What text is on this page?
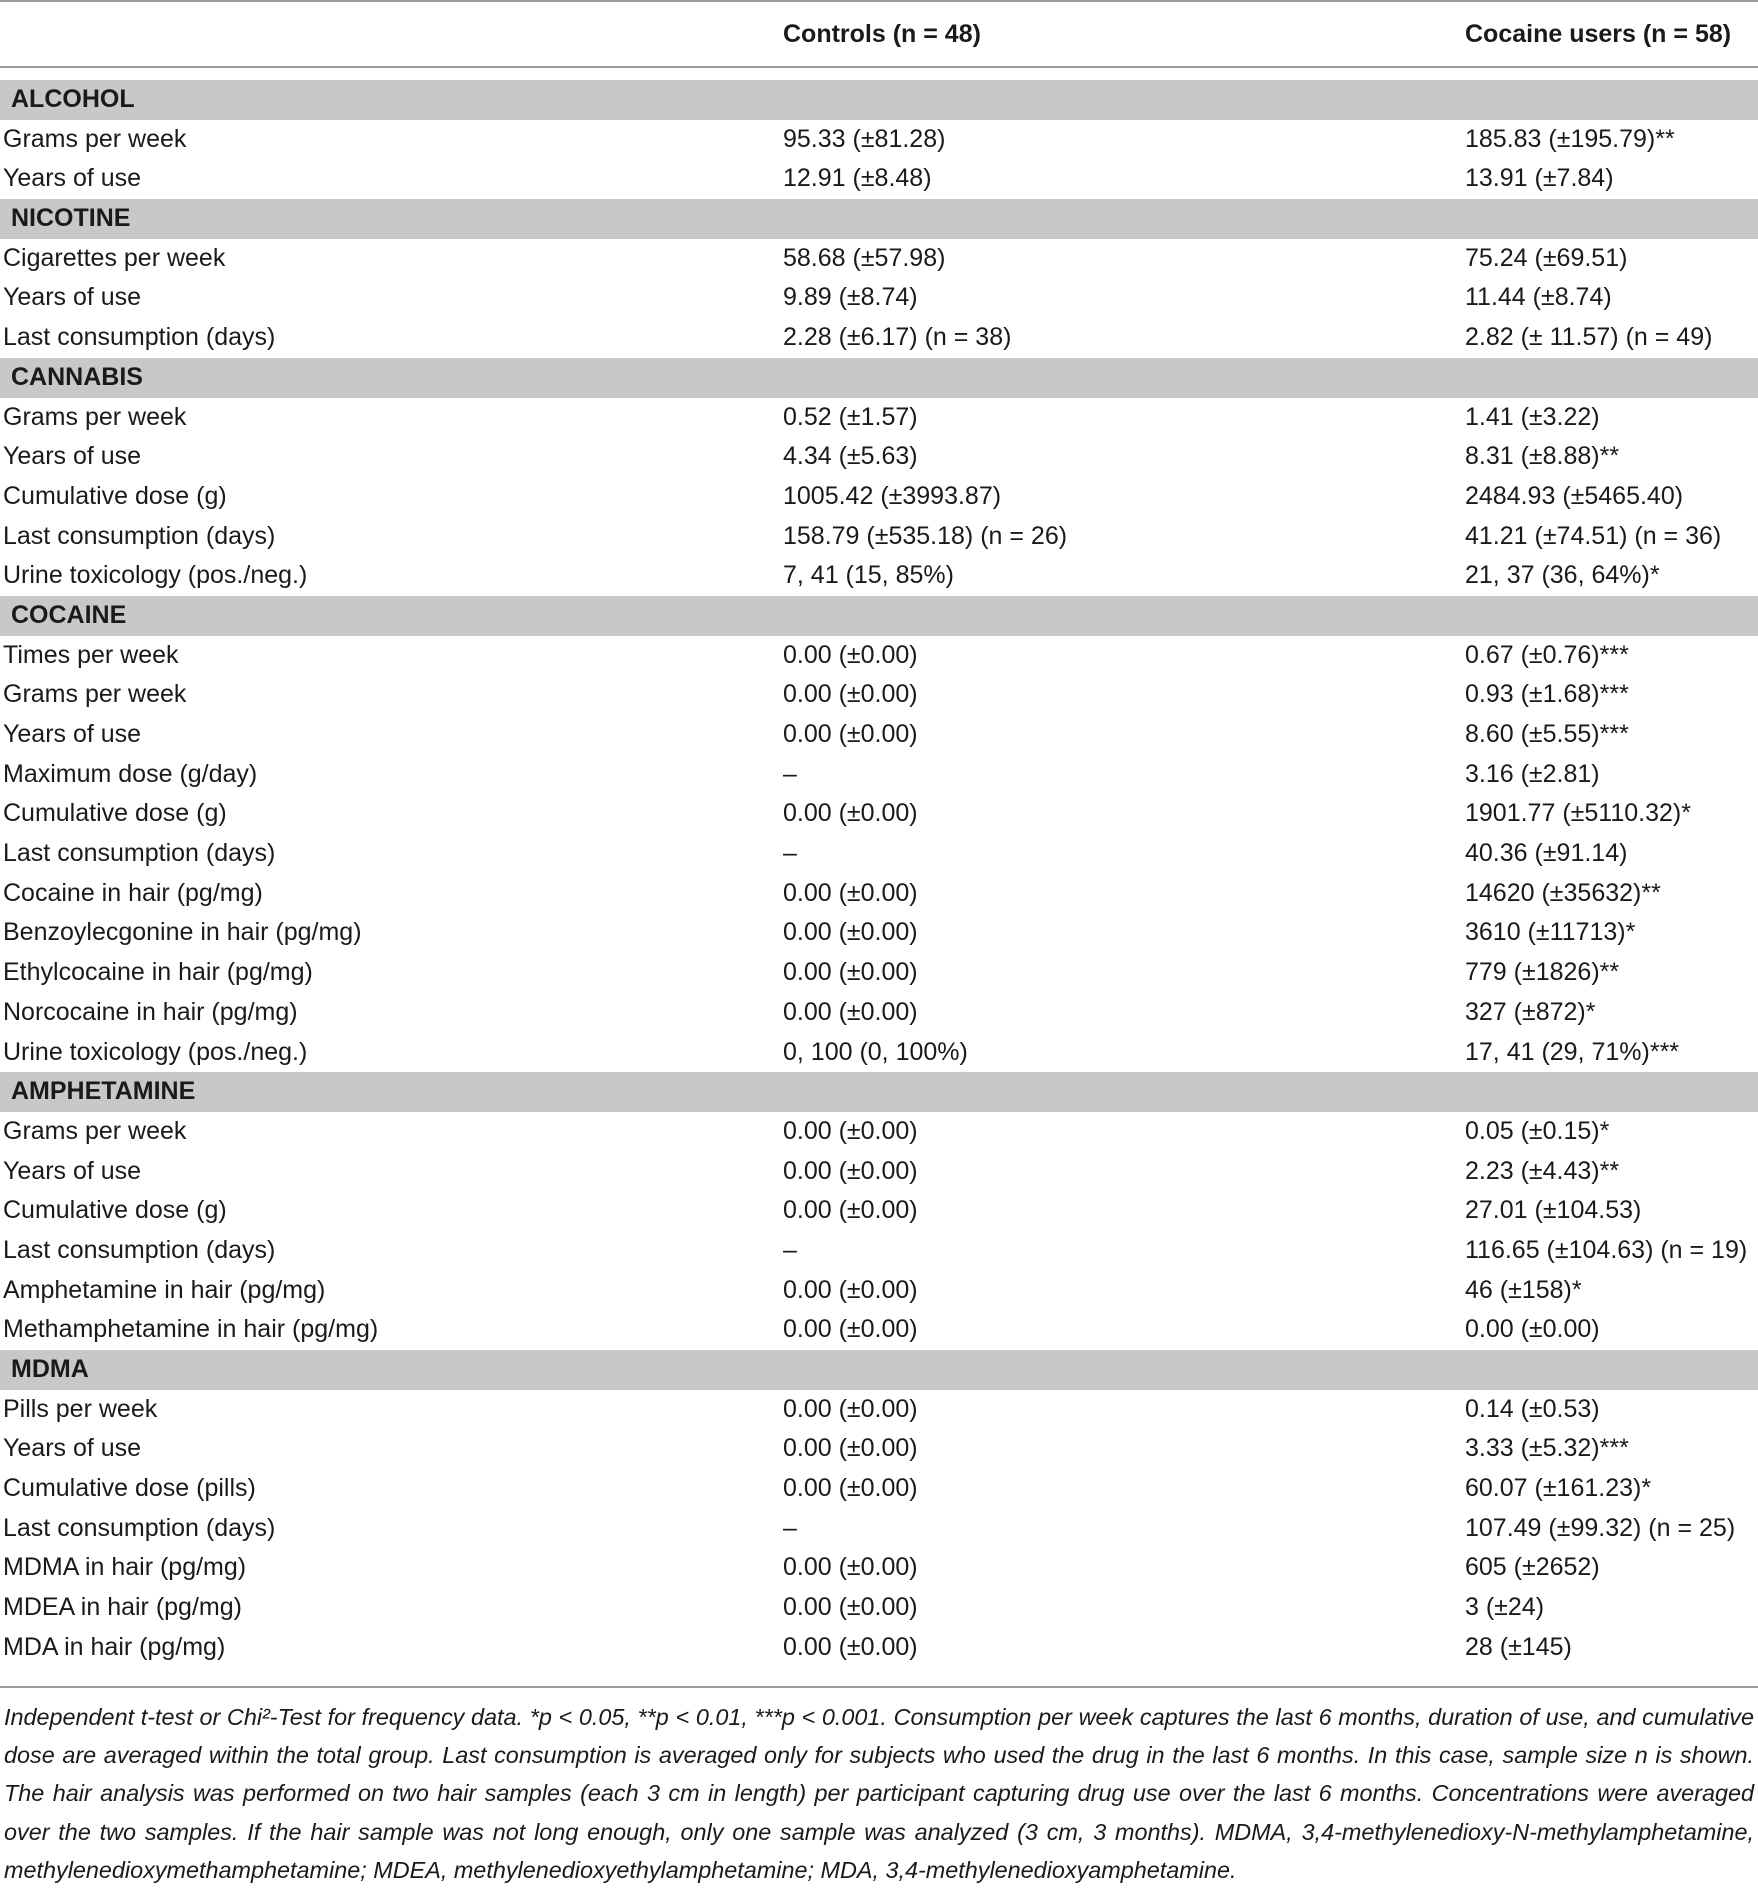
Controls (n = 48)	Cocaine users (n = 58)
ALCOHOL
Grams per week	95.33 (±81.28)	185.83 (±195.79)**
Years of use	12.91 (±8.48)	13.91 (±7.84)
NICOTINE
Cigarettes per week	58.68 (±57.98)	75.24 (±69.51)
Years of use	9.89 (±8.74)	11.44 (±8.74)
Last consumption (days)	2.28 (±6.17) (n = 38)	2.82 (± 11.57) (n = 49)
CANNABIS
Grams per week	0.52 (±1.57)	1.41 (±3.22)
Years of use	4.34 (±5.63)	8.31 (±8.88)**
Cumulative dose (g)	1005.42 (±3993.87)	2484.93 (±5465.40)
Last consumption (days)	158.79 (±535.18) (n = 26)	41.21 (±74.51) (n = 36)
Urine toxicology (pos./neg.)	7, 41 (15, 85%)	21, 37 (36, 64%)*
COCAINE
Times per week	0.00 (±0.00)	0.67 (±0.76)***
Grams per week	0.00 (±0.00)	0.93 (±1.68)***
Years of use	0.00 (±0.00)	8.60 (±5.55)***
Maximum dose (g/day)	–	3.16 (±2.81)
Cumulative dose (g)	0.00 (±0.00)	1901.77 (±5110.32)*
Last consumption (days)	–	40.36 (±91.14)
Cocaine in hair (pg/mg)	0.00 (±0.00)	14620 (±35632)**
Benzoylecgonine in hair (pg/mg)	0.00 (±0.00)	3610 (±11713)*
Ethylcocaine in hair (pg/mg)	0.00 (±0.00)	779 (±1826)**
Norcocaine in hair (pg/mg)	0.00 (±0.00)	327 (±872)*
Urine toxicology (pos./neg.)	0, 100 (0, 100%)	17, 41 (29, 71%)***
AMPHETAMINE
Grams per week	0.00 (±0.00)	0.05 (±0.15)*
Years of use	0.00 (±0.00)	2.23 (±4.43)**
Cumulative dose (g)	0.00 (±0.00)	27.01 (±104.53)
Last consumption (days)	–	116.65 (±104.63) (n = 19)
Amphetamine in hair (pg/mg)	0.00 (±0.00)	46 (±158)*
Methamphetamine in hair (pg/mg)	0.00 (±0.00)	0.00 (±0.00)
MDMA
Pills per week	0.00 (±0.00)	0.14 (±0.53)
Years of use	0.00 (±0.00)	3.33 (±5.32)***
Cumulative dose (pills)	0.00 (±0.00)	60.07 (±161.23)*
Last consumption (days)	–	107.49 (±99.32) (n = 25)
MDMA in hair (pg/mg)	0.00 (±0.00)	605 (±2652)
MDEA in hair (pg/mg)	0.00 (±0.00)	3 (±24)
MDA in hair (pg/mg)	0.00 (±0.00)	28 (±145)
Independent t-test or Chi²-Test for frequency data. *p < 0.05, **p < 0.01, ***p < 0.001. Consumption per week captures the last 6 months, duration of use, and cumulative dose are averaged within the total group. Last consumption is averaged only for subjects who used the drug in the last 6 months. In this case, sample size n is shown. The hair analysis was performed on two hair samples (each 3 cm in length) per participant capturing drug use over the last 6 months. Concentrations were averaged over the two samples. If the hair sample was not long enough, only one sample was analyzed (3 cm, 3 months). MDMA, 3,4-methylenedioxy-N-methylamphetamine, methylenedioxymethamphetamine; MDEA, methylenedioxyethylamphetamine; MDA, 3,4-methylenedioxyamphetamine.
